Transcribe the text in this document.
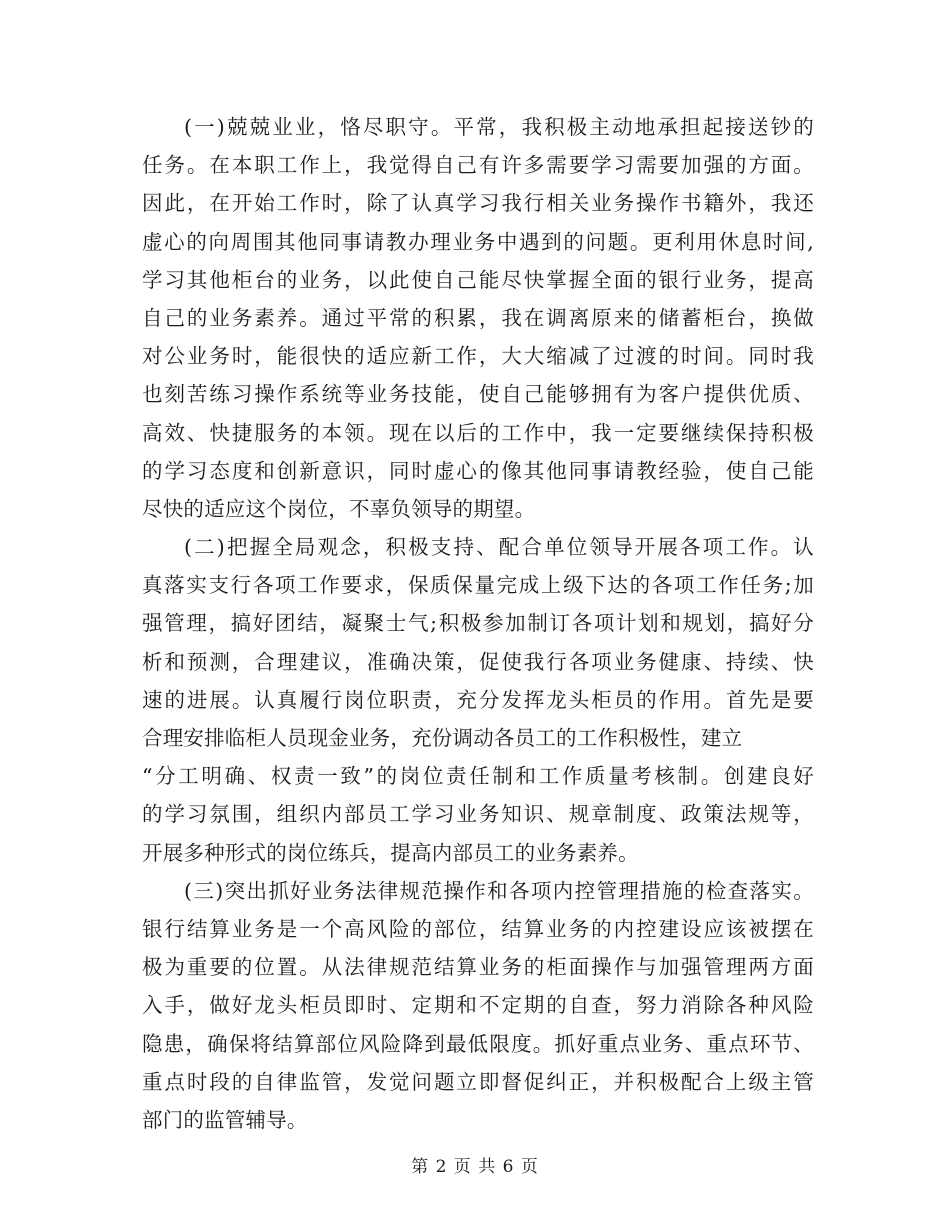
(一)兢兢业业，恪尽职守。平常，我积极主动地承担起接送钞的
任务。在本职工作上，我觉得自己有许多需要学习需要加强的方面。
因此，在开始工作时，除了认真学习我行相关业务操作书籍外，我还
虚心的向周围其他同事请教办理业务中遇到的问题。更利用休息时间,
学习其他柜台的业务，以此使自己能尽快掌握全面的银行业务，提高
自己的业务素养。通过平常的积累，我在调离原来的储蓄柜台，换做
对公业务时，能很快的适应新工作，大大缩减了过渡的时间。同时我
也刻苦练习操作系统等业务技能，使自己能够拥有为客户提供优质、
高效、快捷服务的本领。现在以后的工作中，我一定要继续保持积极
的学习态度和创新意识，同时虚心的像其他同事请教经验，使自己能
尽快的适应这个岗位，不辜负领导的期望。

(二)把握全局观念，积极支持、配合单位领导开展各项工作。认
真落实支行各项工作要求，保质保量完成上级下达的各项工作任务;加
强管理，搞好团结，凝聚士气;积极参加制订各项计划和规划，搞好分
析和预测，合理建议，准确决策，促使我行各项业务健康、持续、快
速的进展。认真履行岗位职责，充分发挥龙头柜员的作用。首先是要
合理安排临柜人员现金业务，充份调动各员工的工作积极性，建立
“分工明确、权责一致”的岗位责任制和工作质量考核制。创建良好
的学习氛围，组织内部员工学习业务知识、规章制度、政策法规等，
开展多种形式的岗位练兵，提高内部员工的业务素养。

(三)突出抓好业务法律规范操作和各项内控管理措施的检查落实。
银行结算业务是一个高风险的部位，结算业务的内控建设应该被摆在
极为重要的位置。从法律规范结算业务的柜面操作与加强管理两方面
入手，做好龙头柜员即时、定期和不定期的自查，努力消除各种风险
隐患，确保将结算部位风险降到最低限度。抓好重点业务、重点环节、
重点时段的自律监管，发觉问题立即督促纠正，并积极配合上级主管
部门的监管辅导。

第 2 页 共 6 页
